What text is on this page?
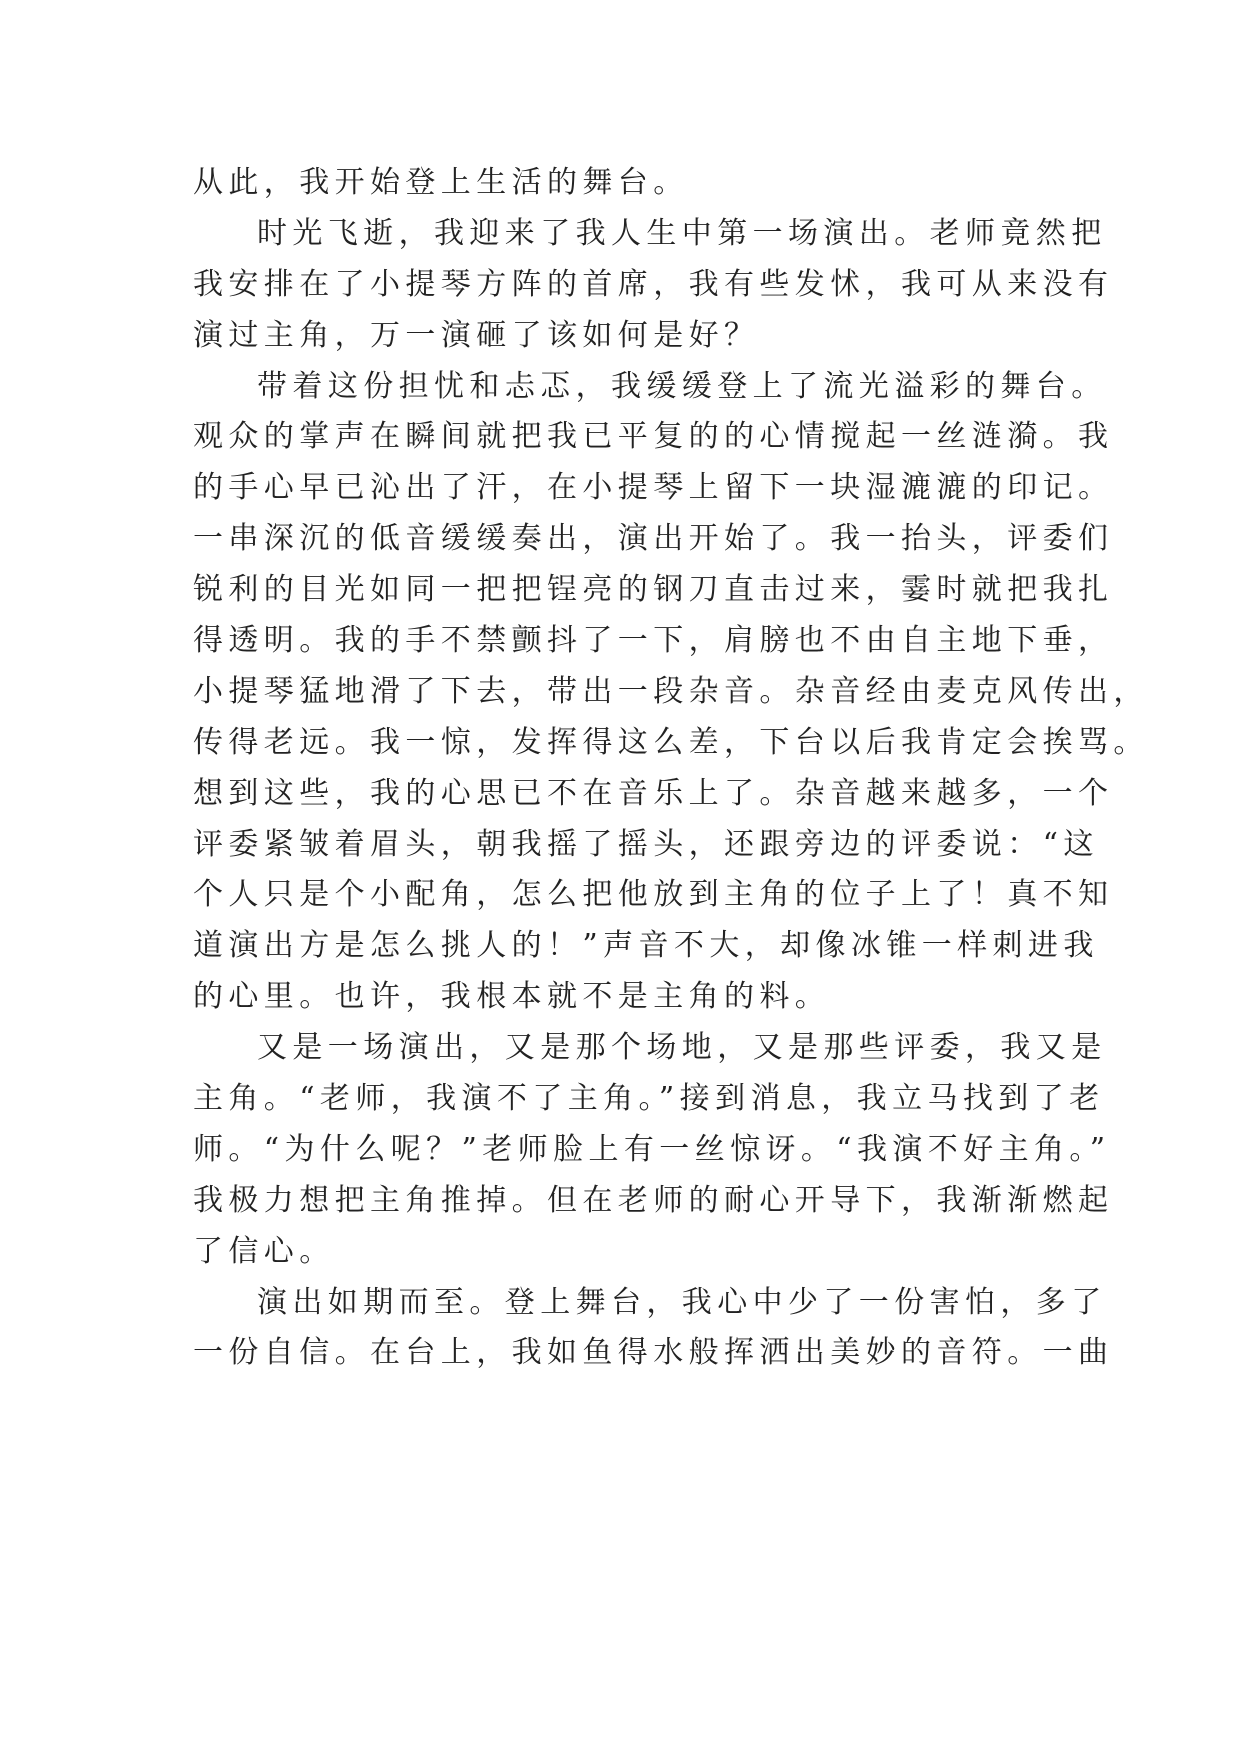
从此，我开始登上生活的舞台。
时光飞逝，我迎来了我人生中第一场演出。老师竟然把
我安排在了小提琴方阵的首席，我有些发怵，我可从来没有
演过主角，万一演砸了该如何是好？
带着这份担忧和忐忑，我缓缓登上了流光溢彩的舞台。
观众的掌声在瞬间就把我已平复的的心情搅起一丝涟漪。我
的手心早已沁出了汗，在小提琴上留下一块湿漉漉的印记。
一串深沉的低音缓缓奏出，演出开始了。我一抬头，评委们
锐利的目光如同一把把锃亮的钢刀直击过来，霎时就把我扎
得透明。我的手不禁颤抖了一下，肩膀也不由自主地下垂，
小提琴猛地滑了下去，带出一段杂音。杂音经由麦克风传出，
传得老远。我一惊，发挥得这么差，下台以后我肯定会挨骂。
想到这些，我的心思已不在音乐上了。杂音越来越多，一个
评委紧皱着眉头，朝我摇了摇头，还跟旁边的评委说：“这
个人只是个小配角，怎么把他放到主角的位子上了！真不知
道演出方是怎么挑人的！”声音不大，却像冰锥一样刺进我
的心里。也许，我根本就不是主角的料。
又是一场演出，又是那个场地，又是那些评委，我又是
主角。“老师，我演不了主角。”接到消息，我立马找到了老
师。“为什么呢？”老师脸上有一丝惊讶。“我演不好主角。”
我极力想把主角推掉。但在老师的耐心开导下，我渐渐燃起
了信心。
演出如期而至。登上舞台，我心中少了一份害怕，多了
一份自信。在台上，我如鱼得水般挥洒出美妙的音符。一曲
